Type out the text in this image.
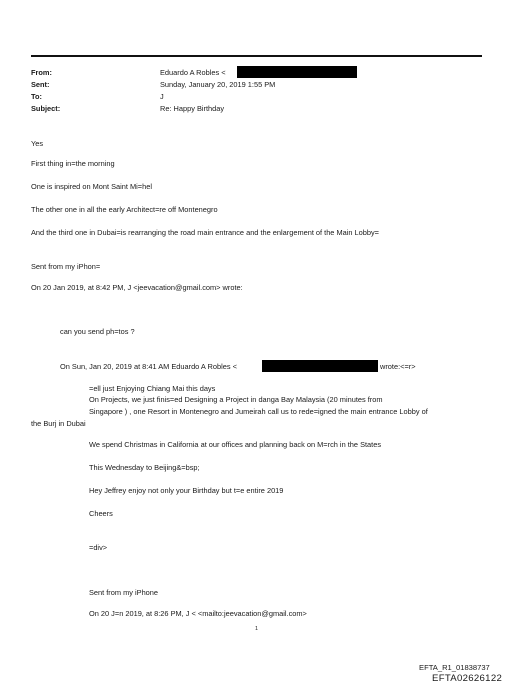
From:	Eduardo A Robles <
Sent:	Sunday, January 20, 2019 1:55 PM
To:	J
Subject:	Re: Happy Birthday
Yes
First thing in=the morning
One is inspired on Mont Saint Mi=hel
The other one in all the early Architect=re off Montenegro
And the third one in Dubai=is rearranging the road main entrance and the enlargement of the Main Lobby=
Sent from my iPhon=
On 20 Jan 2019, at 8:42 PM, J <jeevacation@gmail.com> wrote:
can you send ph=tos ?
On Sun, Jan 20, 2019 at 8:41 AM Eduardo A Robles <	wrote:<=r>
=ell just Enjoying Chiang Mai this days
On Projects, we just finis=ed Designing a Project in danga Bay Malaysia (20 minutes from
Singapore ) , one Resort in Montenegro and Jumeirah call us to rede=igned the main entrance Lobby of
the Burj in Dubai
We spend Christmas in California at our offices and planning back on M=rch in the States
This Wednesday to Beijing&=bsp;
Hey Jeffrey enjoy not only your Birthday but t=e entire 2019
Cheers
=div>
Sent from my iPhone
On 20 J=n 2019, at 8:26 PM, J < <mailto:jeevacation@gmail.com>
1
EFTA_R1_01838737
EFTA02626122
